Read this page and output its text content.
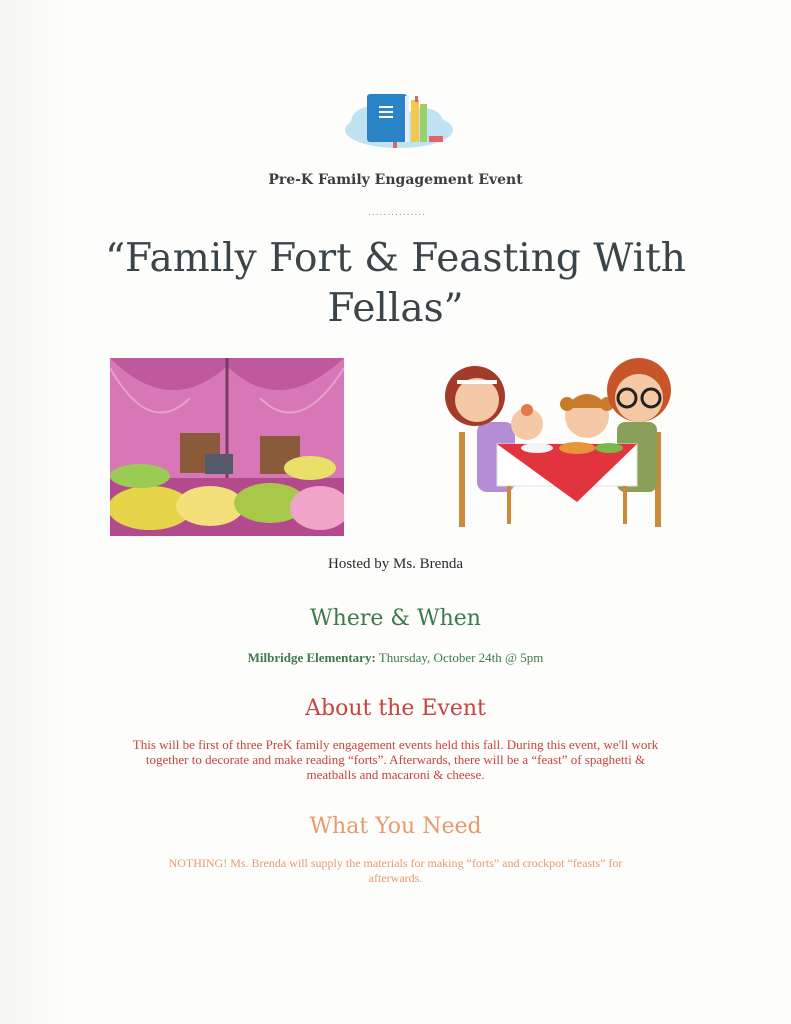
Pre-K Family Engagement Event
...............
“Family Fort & Feasting With
Fellas”
Hosted by Ms. Brenda
Where & When
Milbridge Elementary: Thursday, October 24th @ 5pm
About the Event
This will be first of three PreK family engagement events held this fall. During this event, we'll work
together to decorate and make reading “forts”. Afterwards, there will be a “feast” of spaghetti &
meatballs and macaroni & cheese.
What You Need
NOTHING! Ms. Brenda will supply the materials for making “forts” and crockpot “feasts” for
afterwards.
